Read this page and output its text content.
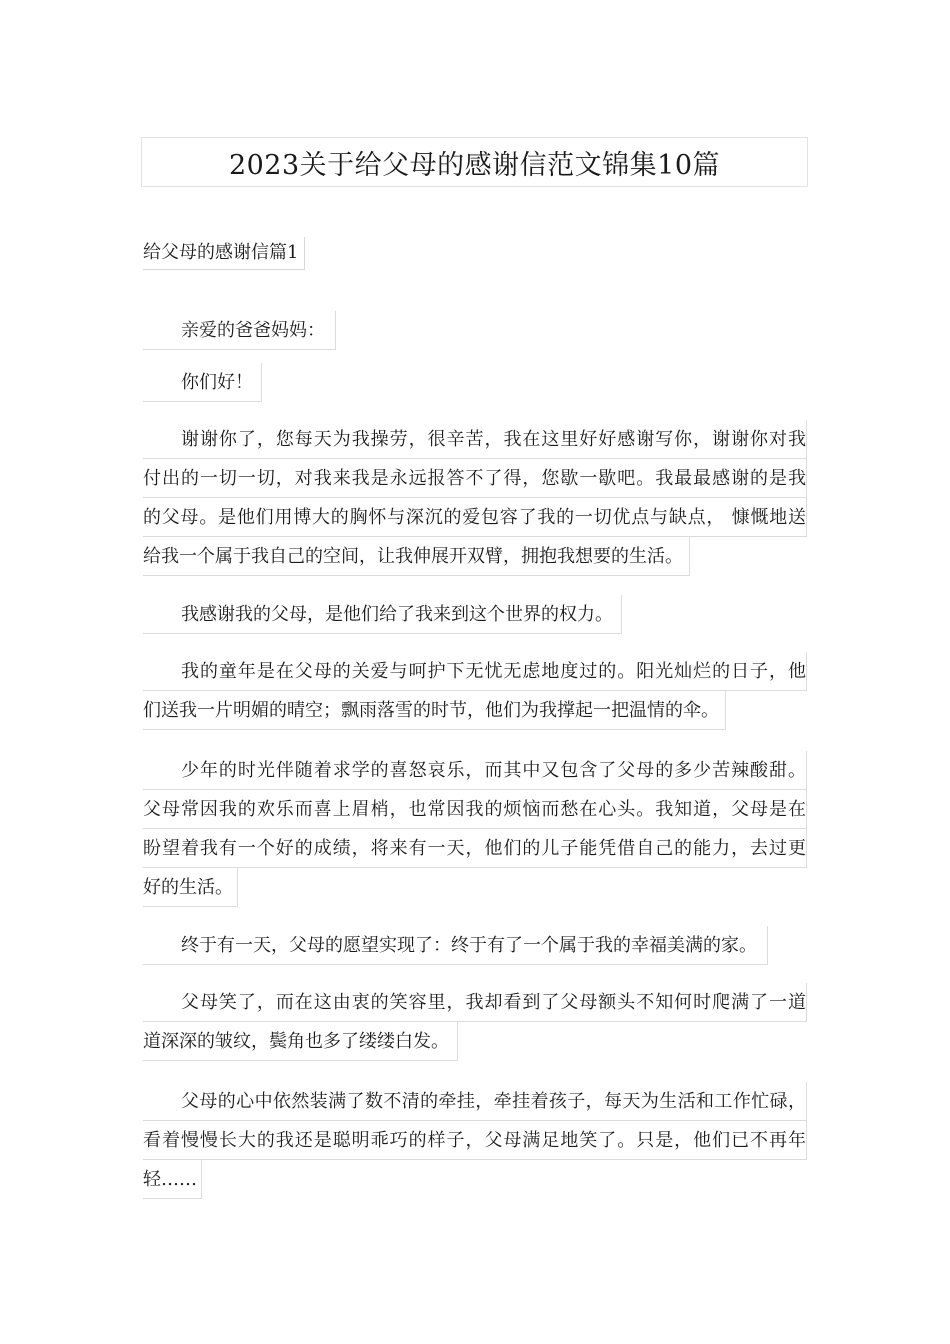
2023关于给父母的感谢信范文锦集10篇
给父母的感谢信篇1
亲爱的爸爸妈妈：
你们好！
谢谢你了，您每天为我操劳，很辛苦，我在这里好好感谢写你，谢谢你对我
付出的一切一切，对我来我是永远报答不了得，您歇一歇吧。我最最感谢的是我
的父母。是他们用博大的胸怀与深沉的爱包容了我的一切优点与缺点， 慷慨地送
给我一个属于我自己的空间，让我伸展开双臂，拥抱我想要的生活。
我感谢我的父母，是他们给了我来到这个世界的权力。
我的童年是在父母的关爱与呵护下无忧无虑地度过的。阳光灿烂的日子，他
们送我一片明媚的晴空；飘雨落雪的时节，他们为我撑起一把温情的伞。
少年的时光伴随着求学的喜怒哀乐，而其中又包含了父母的多少苦辣酸甜。
父母常因我的欢乐而喜上眉梢，也常因我的烦恼而愁在心头。我知道，父母是在
盼望着我有一个好的成绩，将来有一天，他们的儿子能凭借自己的能力，去过更
好的生活。
终于有一天，父母的愿望实现了：终于有了一个属于我的幸福美满的家。
父母笑了，而在这由衷的笑容里，我却看到了父母额头不知何时爬满了一道
道深深的皱纹，鬓角也多了缕缕白发。
父母的心中依然装满了数不清的牵挂，牵挂着孩子，每天为生活和工作忙碌，
看着慢慢长大的我还是聪明乖巧的样子，父母满足地笑了。只是，他们已不再年
轻……
